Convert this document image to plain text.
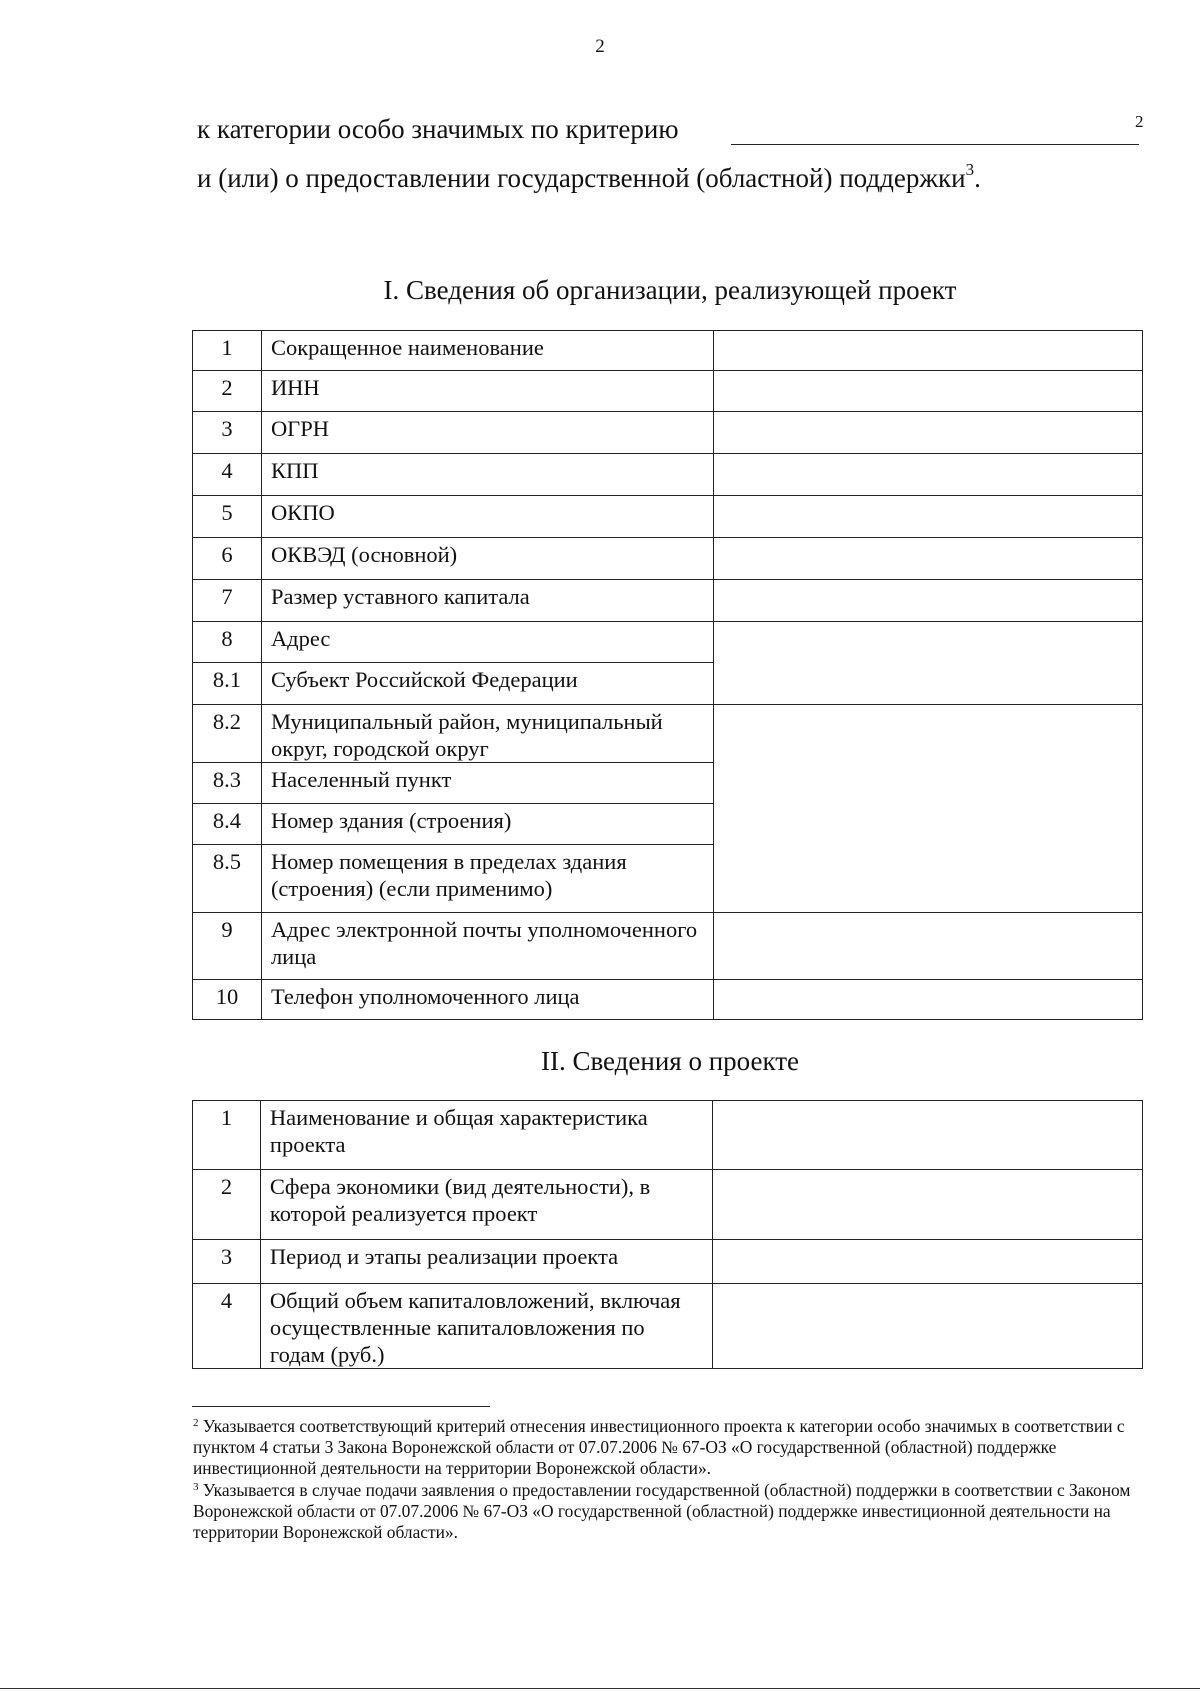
2
к категории особо значимых по критерию	2
и (или) о предоставлении государственной (областной) поддержки$^3$.
I. Сведения об организации, реализующей проект
1	Сокращенное наименование	
2	ИНН	
3	ОГРН	
4	КПП	
5	ОКПО	
6	ОКВЭД (основной)	
7	Размер уставного капитала	
8	Адрес	
8.1	Субъект Российской Федерации	
8.2	Муниципальный район, муниципальный округ, городской округ	
8.3	Населенный пункт	
8.4	Номер здания (строения)	
8.5	Номер помещения в пределах здания (строения) (если применимо)	
9	Адрес электронной почты уполномоченного лица	
10	Телефон уполномоченного лица	
II. Сведения о проекте
1	Наименование и общая характеристика проекта	
2	Сфера экономики (вид деятельности), в которой реализуется проект	
3	Период и этапы реализации проекта	
4	Общий объем капиталовложений, включая осуществленные капиталовложения по годам (руб.)	

$^2$ Указывается соответствующий критерий отнесения инвестиционного проекта к категории особо значимых в соответствии с пунктом 4 статьи 3 Закона Воронежской области от 07.07.2006 № 67-ОЗ «О государственной (областной) поддержке инвестиционной деятельности на территории Воронежской области».

$^3$ Указывается в случае подачи заявления о предоставлении государственной (областной) поддержки в соответствии с Законом Воронежской области от 07.07.2006 № 67-ОЗ «О государственной (областной) поддержке инвестиционной деятельности на территории Воронежской области».
